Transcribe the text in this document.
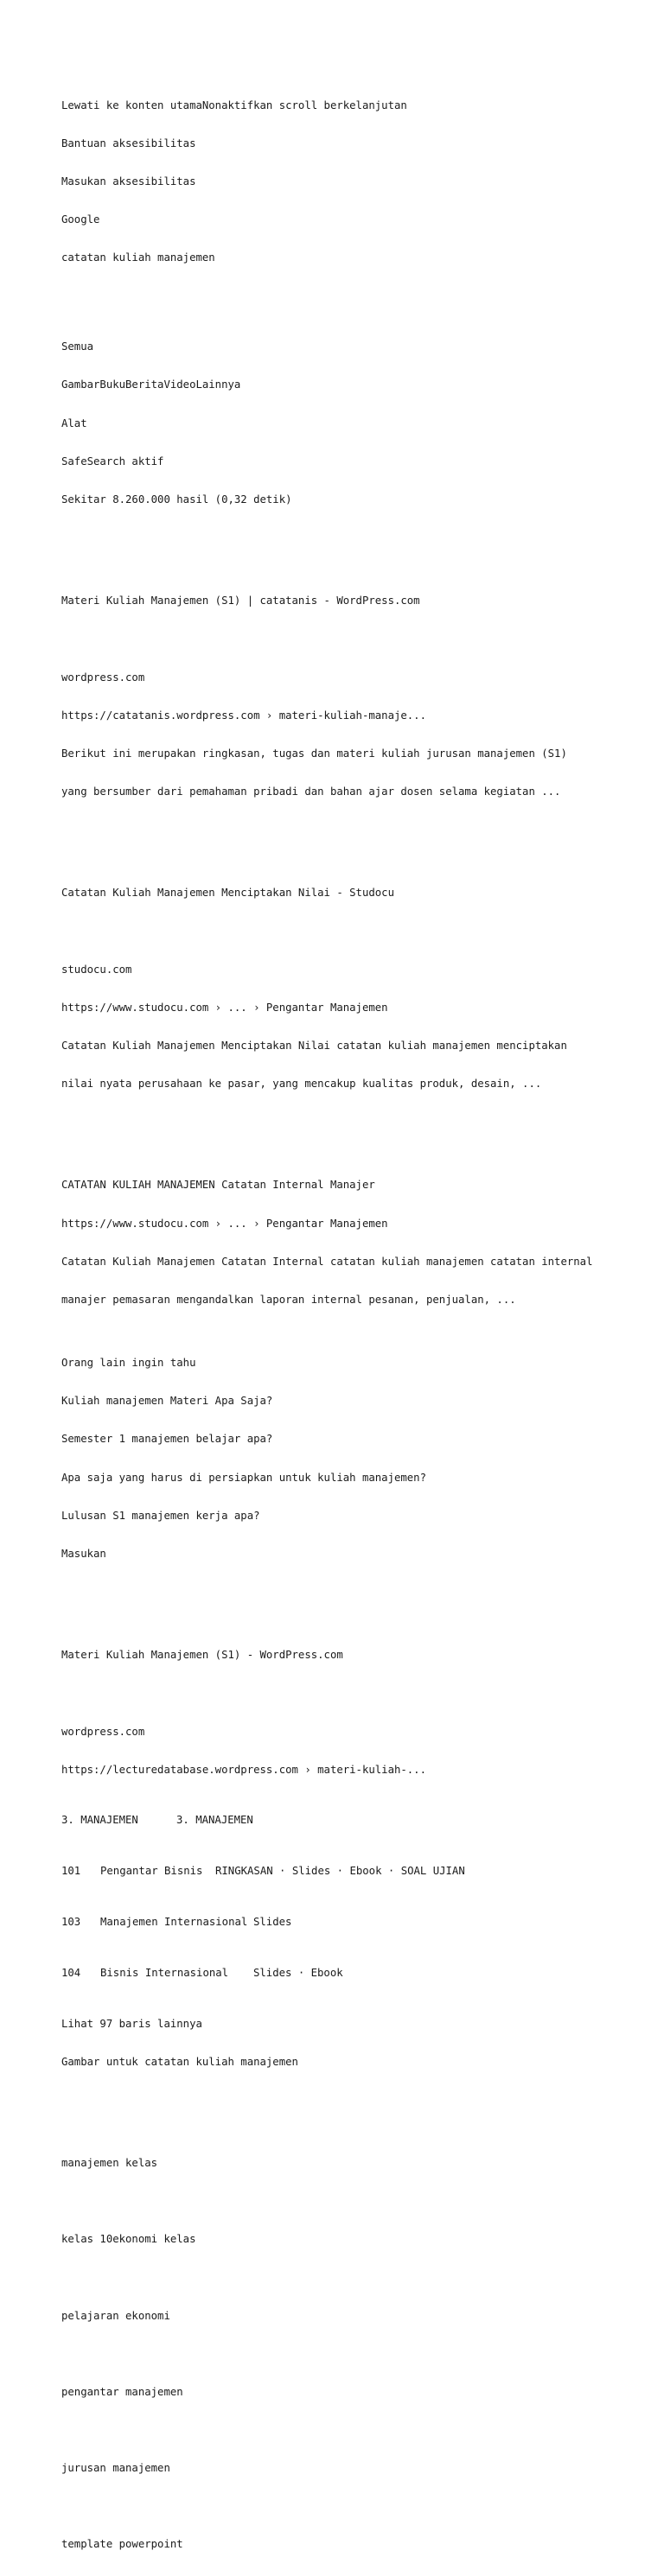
Lewati ke konten utamaNonaktifkan scroll berkelanjutan

Bantuan aksesibilitas

Masukan aksesibilitas

Google

catatan kuliah manajemen

Semua

GambarBukuBeritaVideoLainnya

Alat

SafeSearch aktif

Sekitar 8.260.000 hasil (0,32 detik)

Materi Kuliah Manajemen (S1) | catatanis - WordPress.com

wordpress.com

https://catatanis.wordpress.com › materi-kuliah-manaje...

Berikut ini merupakan ringkasan, tugas dan materi kuliah jurusan manajemen (S1)

yang bersumber dari pemahaman pribadi dan bahan ajar dosen selama kegiatan ...

Catatan Kuliah Manajemen Menciptakan Nilai - Studocu

studocu.com

https://www.studocu.com › ... › Pengantar Manajemen

Catatan Kuliah Manajemen Menciptakan Nilai catatan kuliah manajemen menciptakan

nilai nyata perusahaan ke pasar, yang mencakup kualitas produk, desain, ...

CATATAN KULIAH MANAJEMEN Catatan Internal Manajer

https://www.studocu.com › ... › Pengantar Manajemen

Catatan Kuliah Manajemen Catatan Internal catatan kuliah manajemen catatan internal

manajer pemasaran mengandalkan laporan internal pesanan, penjualan, ...

Orang lain ingin tahu

Kuliah manajemen Materi Apa Saja?

Semester 1 manajemen belajar apa?

Apa saja yang harus di persiapkan untuk kuliah manajemen?

Lulusan S1 manajemen kerja apa?

Masukan

Materi Kuliah Manajemen (S1) - WordPress.com

wordpress.com

https://lecturedatabase.wordpress.com › materi-kuliah-...

3. MANAJEMEN	3. MANAJEMEN

101 Pengantar Bisnis RINGKASAN · Slides · Ebook · SOAL UJIAN

103 Manajemen Internasional Slides

104 Bisnis Internasional Slides · Ebook

Lihat 97 baris lainnya

Gambar untuk catatan kuliah manajemen

manajemen kelas

kelas 10ekonomi kelas

pelajaran ekonomi

pengantar manajemen

jurusan manajemen

template powerpoint
